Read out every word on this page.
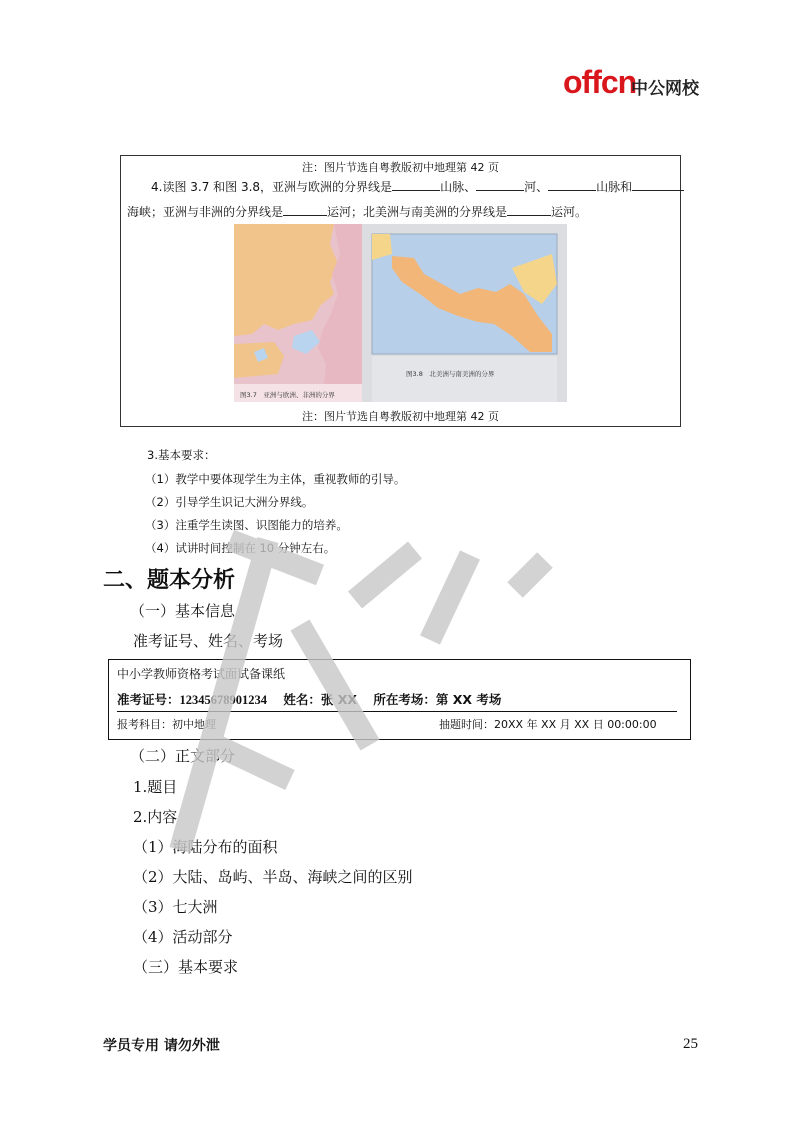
offcn
中公网校
注：图片节选自粤教版初中地理第 42 页
4.读图 3.7 和图 3.8，亚洲与欧洲的分界线是	山脉、	河、	山脉和
海峡；亚洲与非洲的分界线是	运河；北美洲与南美洲的分界线是	运河。
图3.7　亚洲与欧洲、非洲的分界
图3.8　北美洲与南美洲的分界
注：图片节选自粤教版初中地理第 42 页
3.基本要求：
（1）教学中要体现学生为主体，重视教师的引导。
（2）引导学生识记大洲分界线。
（3）注重学生读图、识图能力的培养。
（4）试讲时间控制在 10 分钟左右。
二、题本分析
（一）基本信息
准考证号、姓名、考场
中小学教师资格考试面试备课纸
准考证号：12345678901234 姓名：张 XX 所在考场：第 XX 考场
报考科目：初中地理	抽题时间：20XX 年 XX 月 XX 日 00:00:00
（二）正文部分
1.题目
2.内容
（1）海陆分布的面积
（2）大陆、岛屿、半岛、海峡之间的区别
（3）七大洲
（4）活动部分
（三）基本要求
学员专用 请勿外泄	25
